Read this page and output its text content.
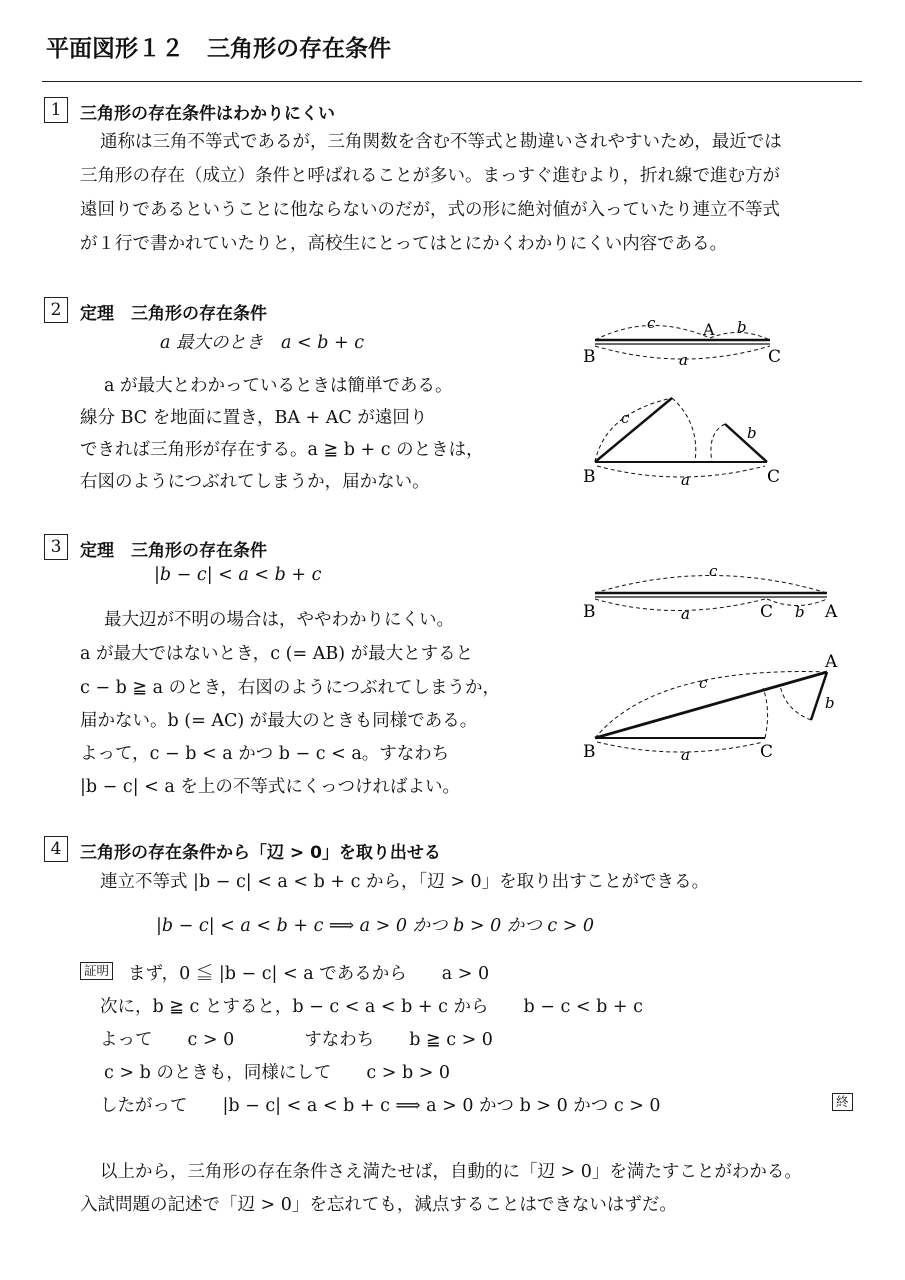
平面図形１２　三角形の存在条件
1	三角形の存在条件はわかりにくい
通称は三角不等式であるが，三角関数を含む不等式と勘違いされやすいため，最近では
三角形の存在（成立）条件と呼ばれることが多い。まっすぐ進むより，折れ線で進む方が
遠回りであるということに他ならないのだが，式の形に絶対値が入っていたり連立不等式
が１行で書かれていたりと，高校生にとってはとにかくわかりにくい内容である。
2	定理　三角形の存在条件
a 最大のとき　a < b + c
a が最大とわかっているときは簡単である。
線分 BC を地面に置き，BA + AC が遠回り
できれば三角形が存在する。a ≧ b + c のときは，
右図のようにつぶれてしまうか，届かない。
c	A b
B	C
a
c
b
B	C
a
3	定理　三角形の存在条件
|b − c| < a < b + c
最大辺が不明の場合は，ややわかりにくい。
a が最大ではないとき，c (= AB) が最大とすると
c − b ≧ a のとき，右図のようにつぶれてしまうか，
届かない。b (= AC) が最大のときも同様である。
よって，c − b < a かつ b − c < a。すなわち
|b − c| < a を上の不等式にくっつければよい。
c
B	C b A
a
c
A
b
B	C
a
4	三角形の存在条件から「辺 > 0」を取り出せる
連立不等式 |b − c| < a < b + c から，「辺 > 0」を取り出すことができる。
|b − c| < a < b + c ⟹ a > 0 かつ b > 0 かつ c > 0
証明 まず，0 ≦ |b − c| < a であるから　　a > 0
次に，b ≧ c とすると，b − c < a < b + c から　　b − c < b + c
よって　　c > 0　　　　すなわち　　b ≧ c > 0
c > b のときも，同様にして　　c > b > 0
したがって　　|b − c| < a < b + c ⟹ a > 0 かつ b > 0 かつ c > 0	終
以上から，三角形の存在条件さえ満たせば，自動的に「辺 > 0」を満たすことがわかる。
入試問題の記述で「辺 > 0」を忘れても，減点することはできないはずだ。
